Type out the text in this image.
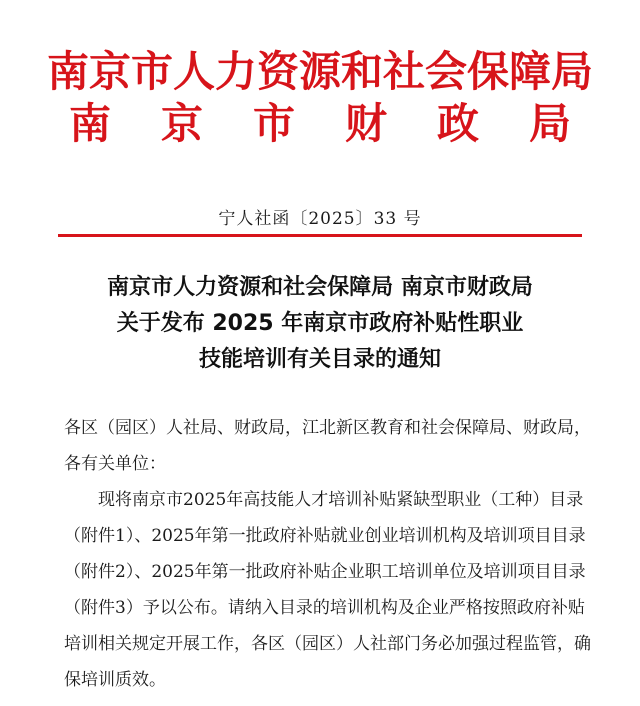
南京市人力资源和社会保障局
南京市财政局
宁人社函〔2025〕33 号
南京市人力资源和社会保障局 南京市财政局
关于发布 2025 年南京市政府补贴性职业
技能培训有关目录的通知

各区（园区）人社局、财政局，江北新区教育和社会保障局、财政局，各有关单位：

现将南京市2025年高技能人才培训补贴紧缺型职业（工种）目录（附件1）、2025年第一批政府补贴就业创业培训机构及培训项目目录（附件2）、2025年第一批政府补贴企业职工培训单位及培训项目目录（附件3）予以公布。请纳入目录的培训机构及企业严格按照政府补贴培训相关规定开展工作，各区（园区）人社部门务必加强过程监管，确保培训质效。
